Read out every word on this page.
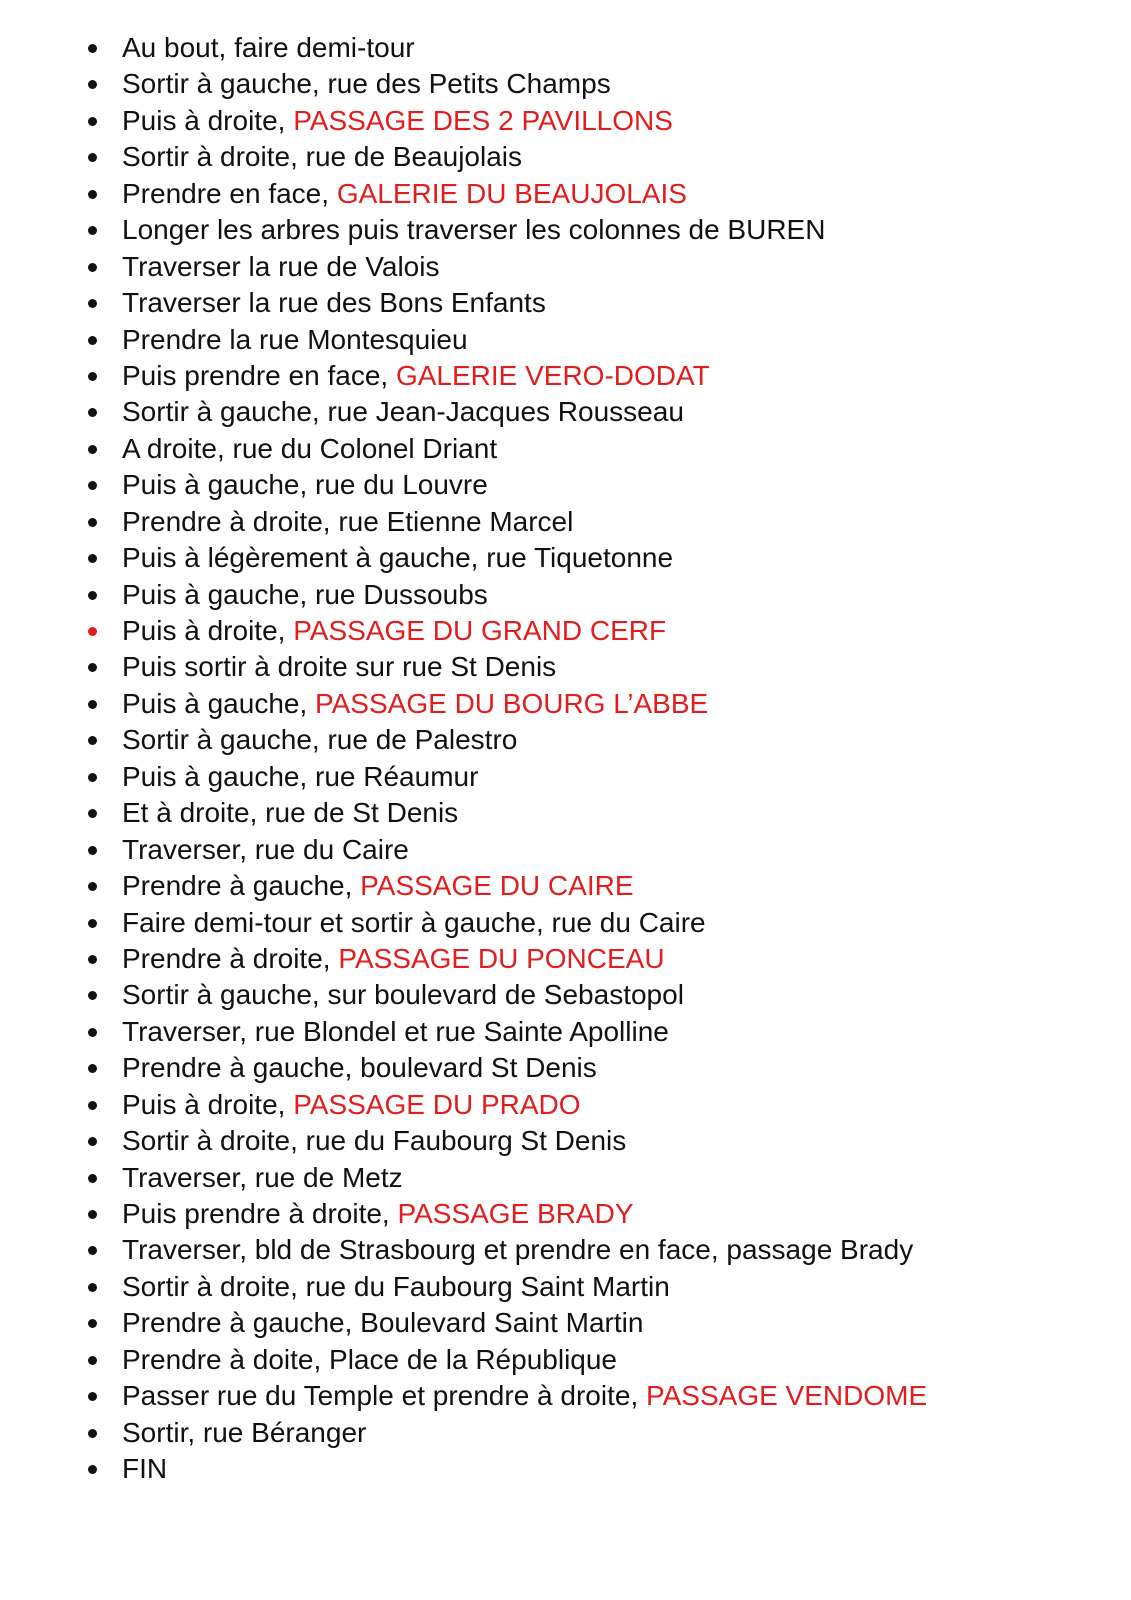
Au bout, faire demi-tour
Sortir à gauche, rue des Petits Champs
Puis à droite, PASSAGE DES 2 PAVILLONS
Sortir à droite, rue de Beaujolais
Prendre en face, GALERIE DU BEAUJOLAIS
Longer les arbres puis traverser les colonnes de BUREN
Traverser la rue de Valois
Traverser la rue des Bons Enfants
Prendre la rue Montesquieu
Puis prendre en face, GALERIE VERO-DODAT
Sortir à gauche, rue Jean-Jacques Rousseau
A droite, rue du Colonel Driant
Puis à gauche, rue du Louvre
Prendre à droite, rue Etienne Marcel
Puis à légèrement à gauche, rue Tiquetonne
Puis à gauche, rue Dussoubs
Puis à droite, PASSAGE DU GRAND CERF
Puis sortir à droite sur rue St Denis
Puis à gauche, PASSAGE DU BOURG L’ABBE
Sortir à gauche, rue de Palestro
Puis à gauche, rue Réaumur
Et à droite, rue de St Denis
Traverser, rue du Caire
Prendre à gauche, PASSAGE DU CAIRE
Faire demi-tour et sortir à gauche, rue du Caire
Prendre à droite, PASSAGE DU PONCEAU
Sortir à gauche, sur boulevard de Sebastopol
Traverser, rue Blondel et rue Sainte Apolline
Prendre à gauche, boulevard St Denis
Puis à droite, PASSAGE DU PRADO
Sortir à droite, rue du Faubourg St Denis
Traverser, rue de Metz
Puis prendre à droite, PASSAGE BRADY
Traverser, bld de Strasbourg et prendre en face, passage Brady
Sortir à droite, rue du Faubourg Saint Martin
Prendre à gauche, Boulevard Saint Martin
Prendre à doite, Place de la République
Passer rue du Temple et prendre à droite, PASSAGE VENDOME
Sortir, rue Béranger
FIN
